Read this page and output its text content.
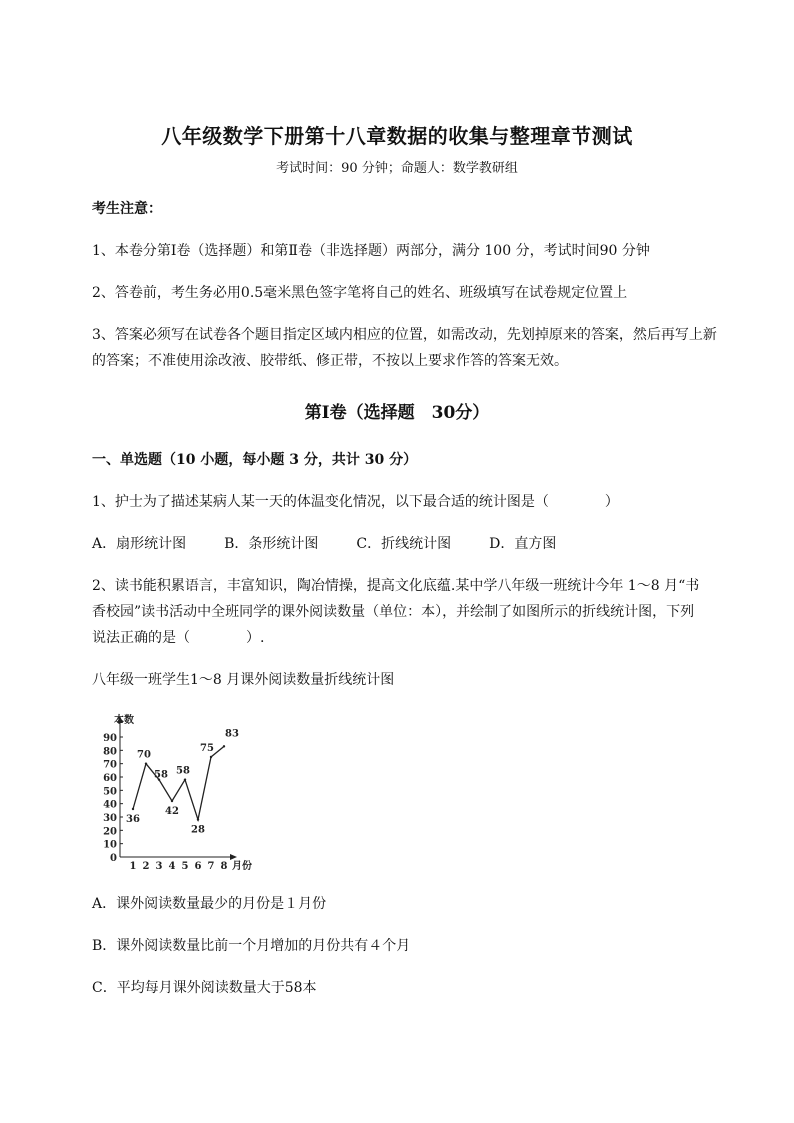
八年级数学下册第十八章数据的收集与整理章节测试
考试时间：90 分钟；命题人：数学教研组
考生注意：
1、本卷分第Ⅰ卷（选择题）和第Ⅱ卷（非选择题）两部分，满分 100 分，考试时间90 分钟
2、答卷前，考生务必用0.5毫米黑色签字笔将自己的姓名、班级填写在试卷规定位置上
3、答案必须写在试卷各个题目指定区域内相应的位置，如需改动，先划掉原来的答案，然后再写上新
的答案；不准使用涂改液、胶带纸、修正带，不按以上要求作答的答案无效。
第Ⅰ卷（选择题　30分）
一、单选题（10 小题，每小题 3 分，共计 30 分）
1、护士为了描述某病人某一天的体温变化情况，以下最合适的统计图是（　　　　）
A．扇形统计图	B．条形统计图	C．折线统计图	D．直方图
2、读书能积累语言，丰富知识，陶冶情操，提高文化底蕴.某中学八年级一班统计今年 1～8 月“书
香校园”读书活动中全班同学的课外阅读数量（单位：本），并绘制了如图所示的折线统计图，下列
说法正确的是（　　　　）.
八年级一班学生1～8 月课外阅读数量折线统计图
本数
月份
0
10
20
30
40
50
60
70
80
90
1 2 3 4 5 6 7 8
36
70
58
42
58
28
75
83
A．课外阅读数量最少的月份是１月份
B．课外阅读数量比前一个月增加的月份共有４个月
C．平均每月课外阅读数量大于58本
